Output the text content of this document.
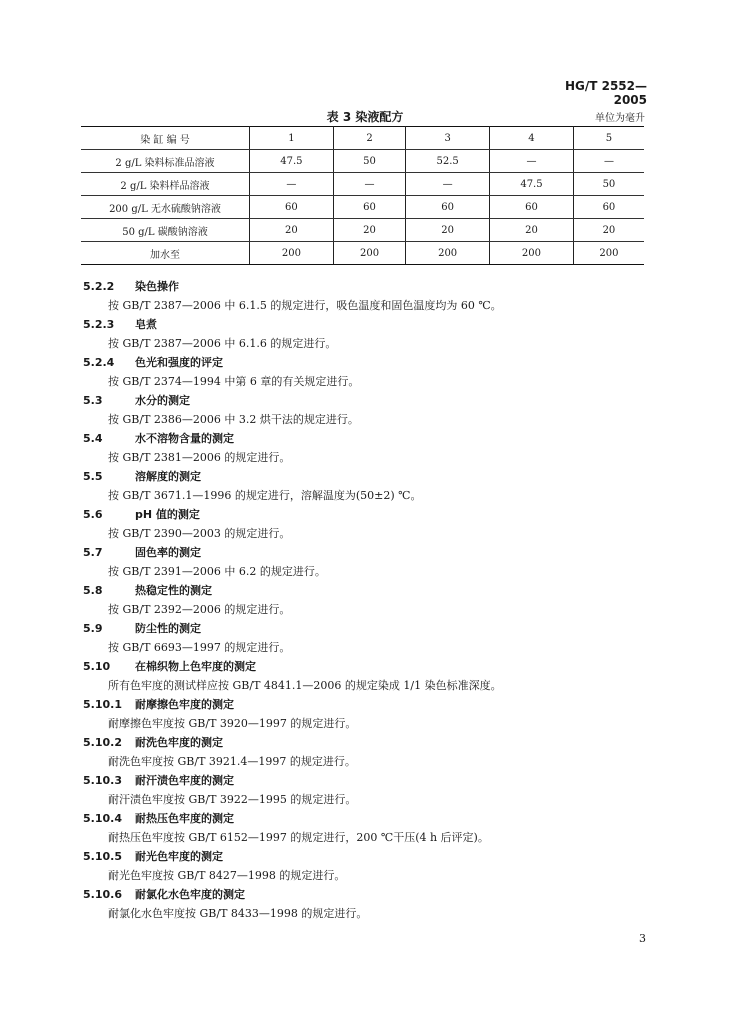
HG/T 2552—2005
表 3 染液配方	单位为毫升
染 缸 编 号	1	2	3	4	5
2 g/L 染料标准品溶液	47.5	50	52.5	—	—
2 g/L 染料样品溶液	—	—	—	47.5	50
200 g/L 无水硫酸钠溶液	60	60	60	60	60
50 g/L 碳酸钠溶液	20	20	20	20	20
加水至	200	200	200	200	200
5.2.2 染色操作
按 GB/T 2387—2006 中 6.1.5 的规定进行，吸色温度和固色温度均为 60 ℃。
5.2.3 皂煮
按 GB/T 2387—2006 中 6.1.6 的规定进行。
5.2.4 色光和强度的评定
按 GB/T 2374—1994 中第 6 章的有关规定进行。
5.3	水分的测定
按 GB/T 2386—2006 中 3.2 烘干法的规定进行。
5.4	水不溶物含量的测定
按 GB/T 2381—2006 的规定进行。
5.5	溶解度的测定
按 GB/T 3671.1—1996 的规定进行，溶解温度为(50±2) ℃。
5.6	pH 值的测定
按 GB/T 2390—2003 的规定进行。
5.7	固色率的测定
按 GB/T 2391—2006 中 6.2 的规定进行。
5.8	热稳定性的测定
按 GB/T 2392—2006 的规定进行。
5.9	防尘性的测定
按 GB/T 6693—1997 的规定进行。
5.10 在棉织物上色牢度的测定
所有色牢度的测试样应按 GB/T 4841.1—2006 的规定染成 1/1 染色标准深度。
5.10.1 耐摩擦色牢度的测定
耐摩擦色牢度按 GB/T 3920—1997 的规定进行。
5.10.2 耐洗色牢度的测定
耐洗色牢度按 GB/T 3921.4—1997 的规定进行。
5.10.3 耐汗渍色牢度的测定
耐汗渍色牢度按 GB/T 3922—1995 的规定进行。
5.10.4 耐热压色牢度的测定
耐热压色牢度按 GB/T 6152—1997 的规定进行，200 ℃干压(4 h 后评定)。
5.10.5 耐光色牢度的测定
耐光色牢度按 GB/T 8427—1998 的规定进行。
5.10.6 耐氯化水色牢度的测定
耐氯化水色牢度按 GB/T 8433—1998 的规定进行。
3
